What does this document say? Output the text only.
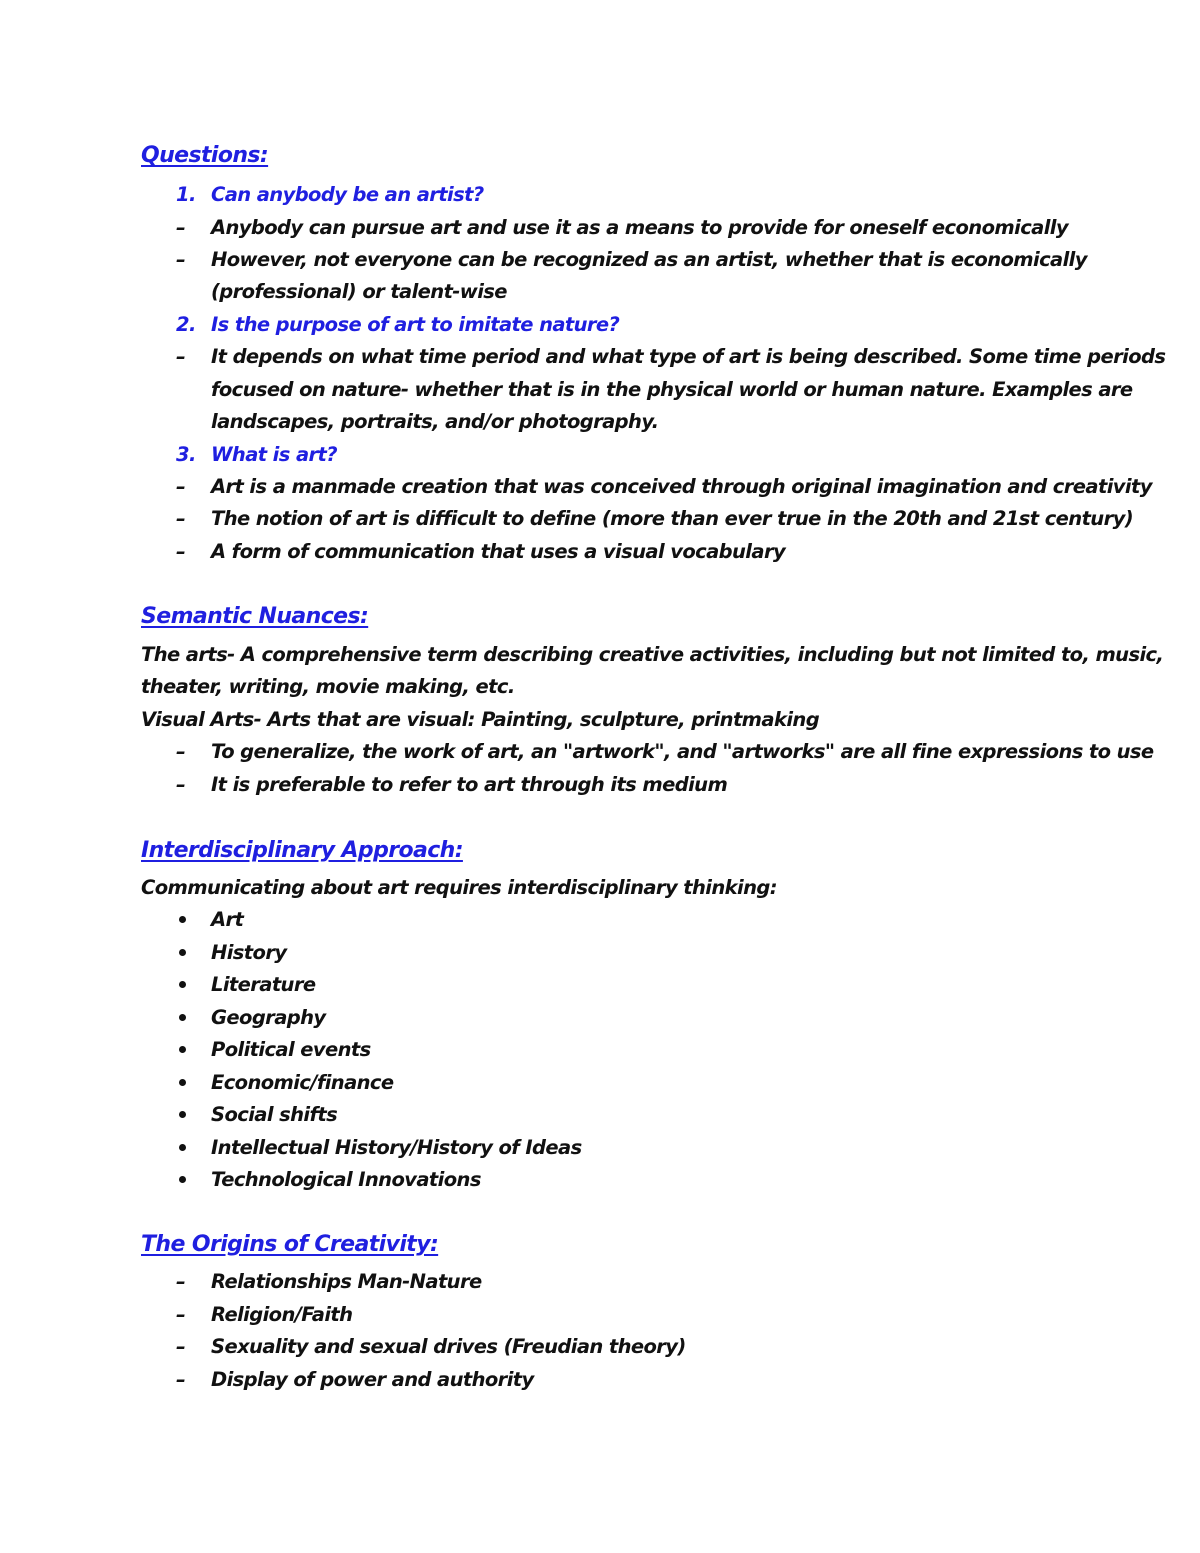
Questions:
1. Can anybody be an artist?
– Anybody can pursue art and use it as a means to provide for oneself economically
– However, not everyone can be recognized as an artist, whether that is economically
(professional) or talent-wise
2. Is the purpose of art to imitate nature?
– It depends on what time period and what type of art is being described. Some time periods
focused on nature- whether that is in the physical world or human nature. Examples are
landscapes, portraits, and/or photography.
3. What is art?
– Art is a manmade creation that was conceived through original imagination and creativity
– The notion of art is difficult to define (more than ever true in the 20th and 21st century)
– A form of communication that uses a visual vocabulary
Semantic Nuances:
The arts- A comprehensive term describing creative activities, including but not limited to, music,
theater, writing, movie making, etc.
Visual Arts- Arts that are visual: Painting, sculpture, printmaking
– To generalize, the work of art, an "artwork", and "artworks" are all fine expressions to use
– It is preferable to refer to art through its medium
Interdisciplinary Approach:
Communicating about art requires interdisciplinary thinking:
Art
History
Literature
Geography
Political events
Economic/finance
Social shifts
Intellectual History/History of Ideas
Technological Innovations
The Origins of Creativity:
– Relationships Man-Nature
– Religion/Faith
– Sexuality and sexual drives (Freudian theory)
– Display of power and authority
